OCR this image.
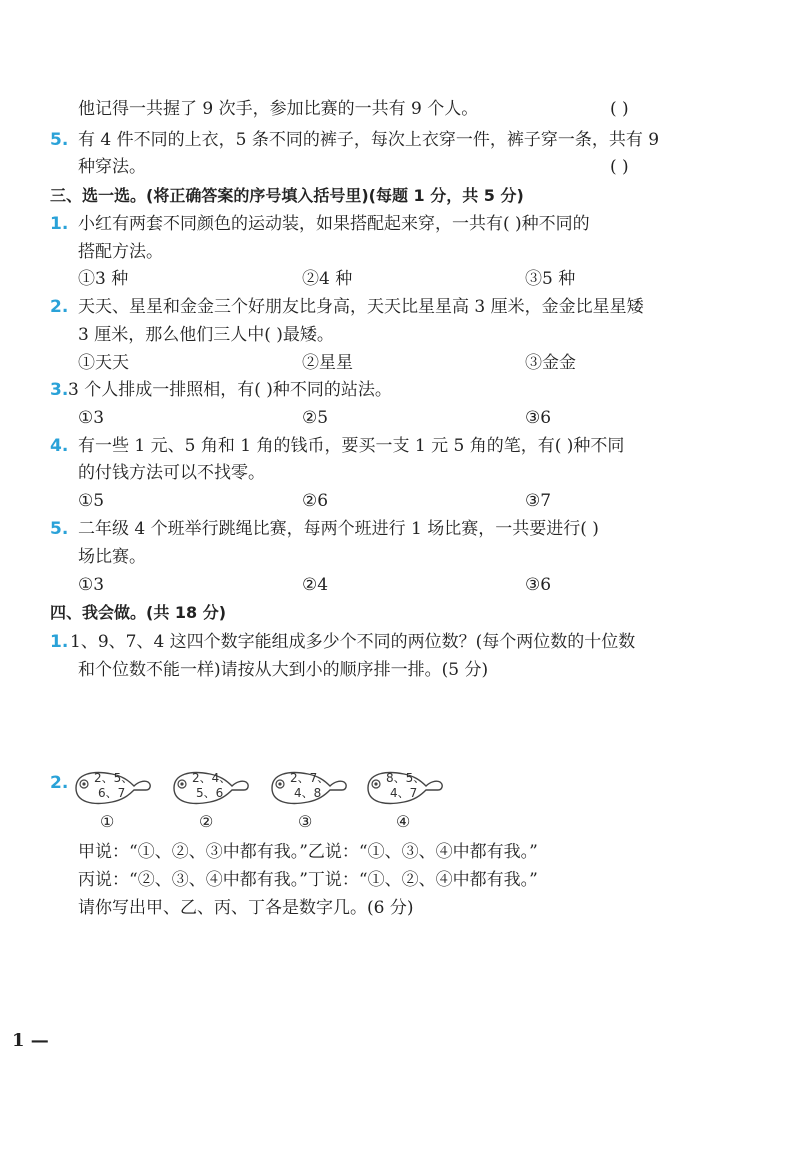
他记得一共握了 9 次手，参加比赛的一共有 9 个人。	( )
5. 有 4 件不同的上衣，5 条不同的裤子，每次上衣穿一件，裤子穿一条，共有 9
种穿法。	( )
三、选一选。(将正确答案的序号填入括号里)(每题 1 分，共 5 分)
1. 小红有两套不同颜色的运动装，如果搭配起来穿，一共有( )种不同的
搭配方法。
①3 种	②4 种	③5 种
2. 天天、星星和金金三个好朋友比身高，天天比星星高 3 厘米，金金比星星矮
3 厘米，那么他们三人中( )最矮。
①天天	②星星	③金金
3. 3 个人排成一排照相，有( )种不同的站法。
①3	②5	③6
4. 有一些 1 元、5 角和 1 角的钱币，要买一支 1 元 5 角的笔，有( )种不同
的付钱方法可以不找零。
①5	②6	③7
5. 二年级 4 个班举行跳绳比赛，每两个班进行 1 场比赛，一共要进行( )
场比赛。
①3	②4	③6
四、我会做。(共 18 分)
1. 1、9、7、4 这四个数字能组成多少个不同的两位数？(每个两位数的十位数
和个位数不能一样)请按从大到小的顺序排一排。(5 分)
2. 2、5、
6、7
2、4、
5、6
2、7、
4、8
8、5、
4、7
①	②	③	④
甲说：“①、②、③中都有我。”乙说：“①、③、④中都有我。”
丙说：“②、③、④中都有我。”丁说：“①、②、④中都有我。”
请你写出甲、乙、丙、丁各是数字几。(6 分)
1 —
